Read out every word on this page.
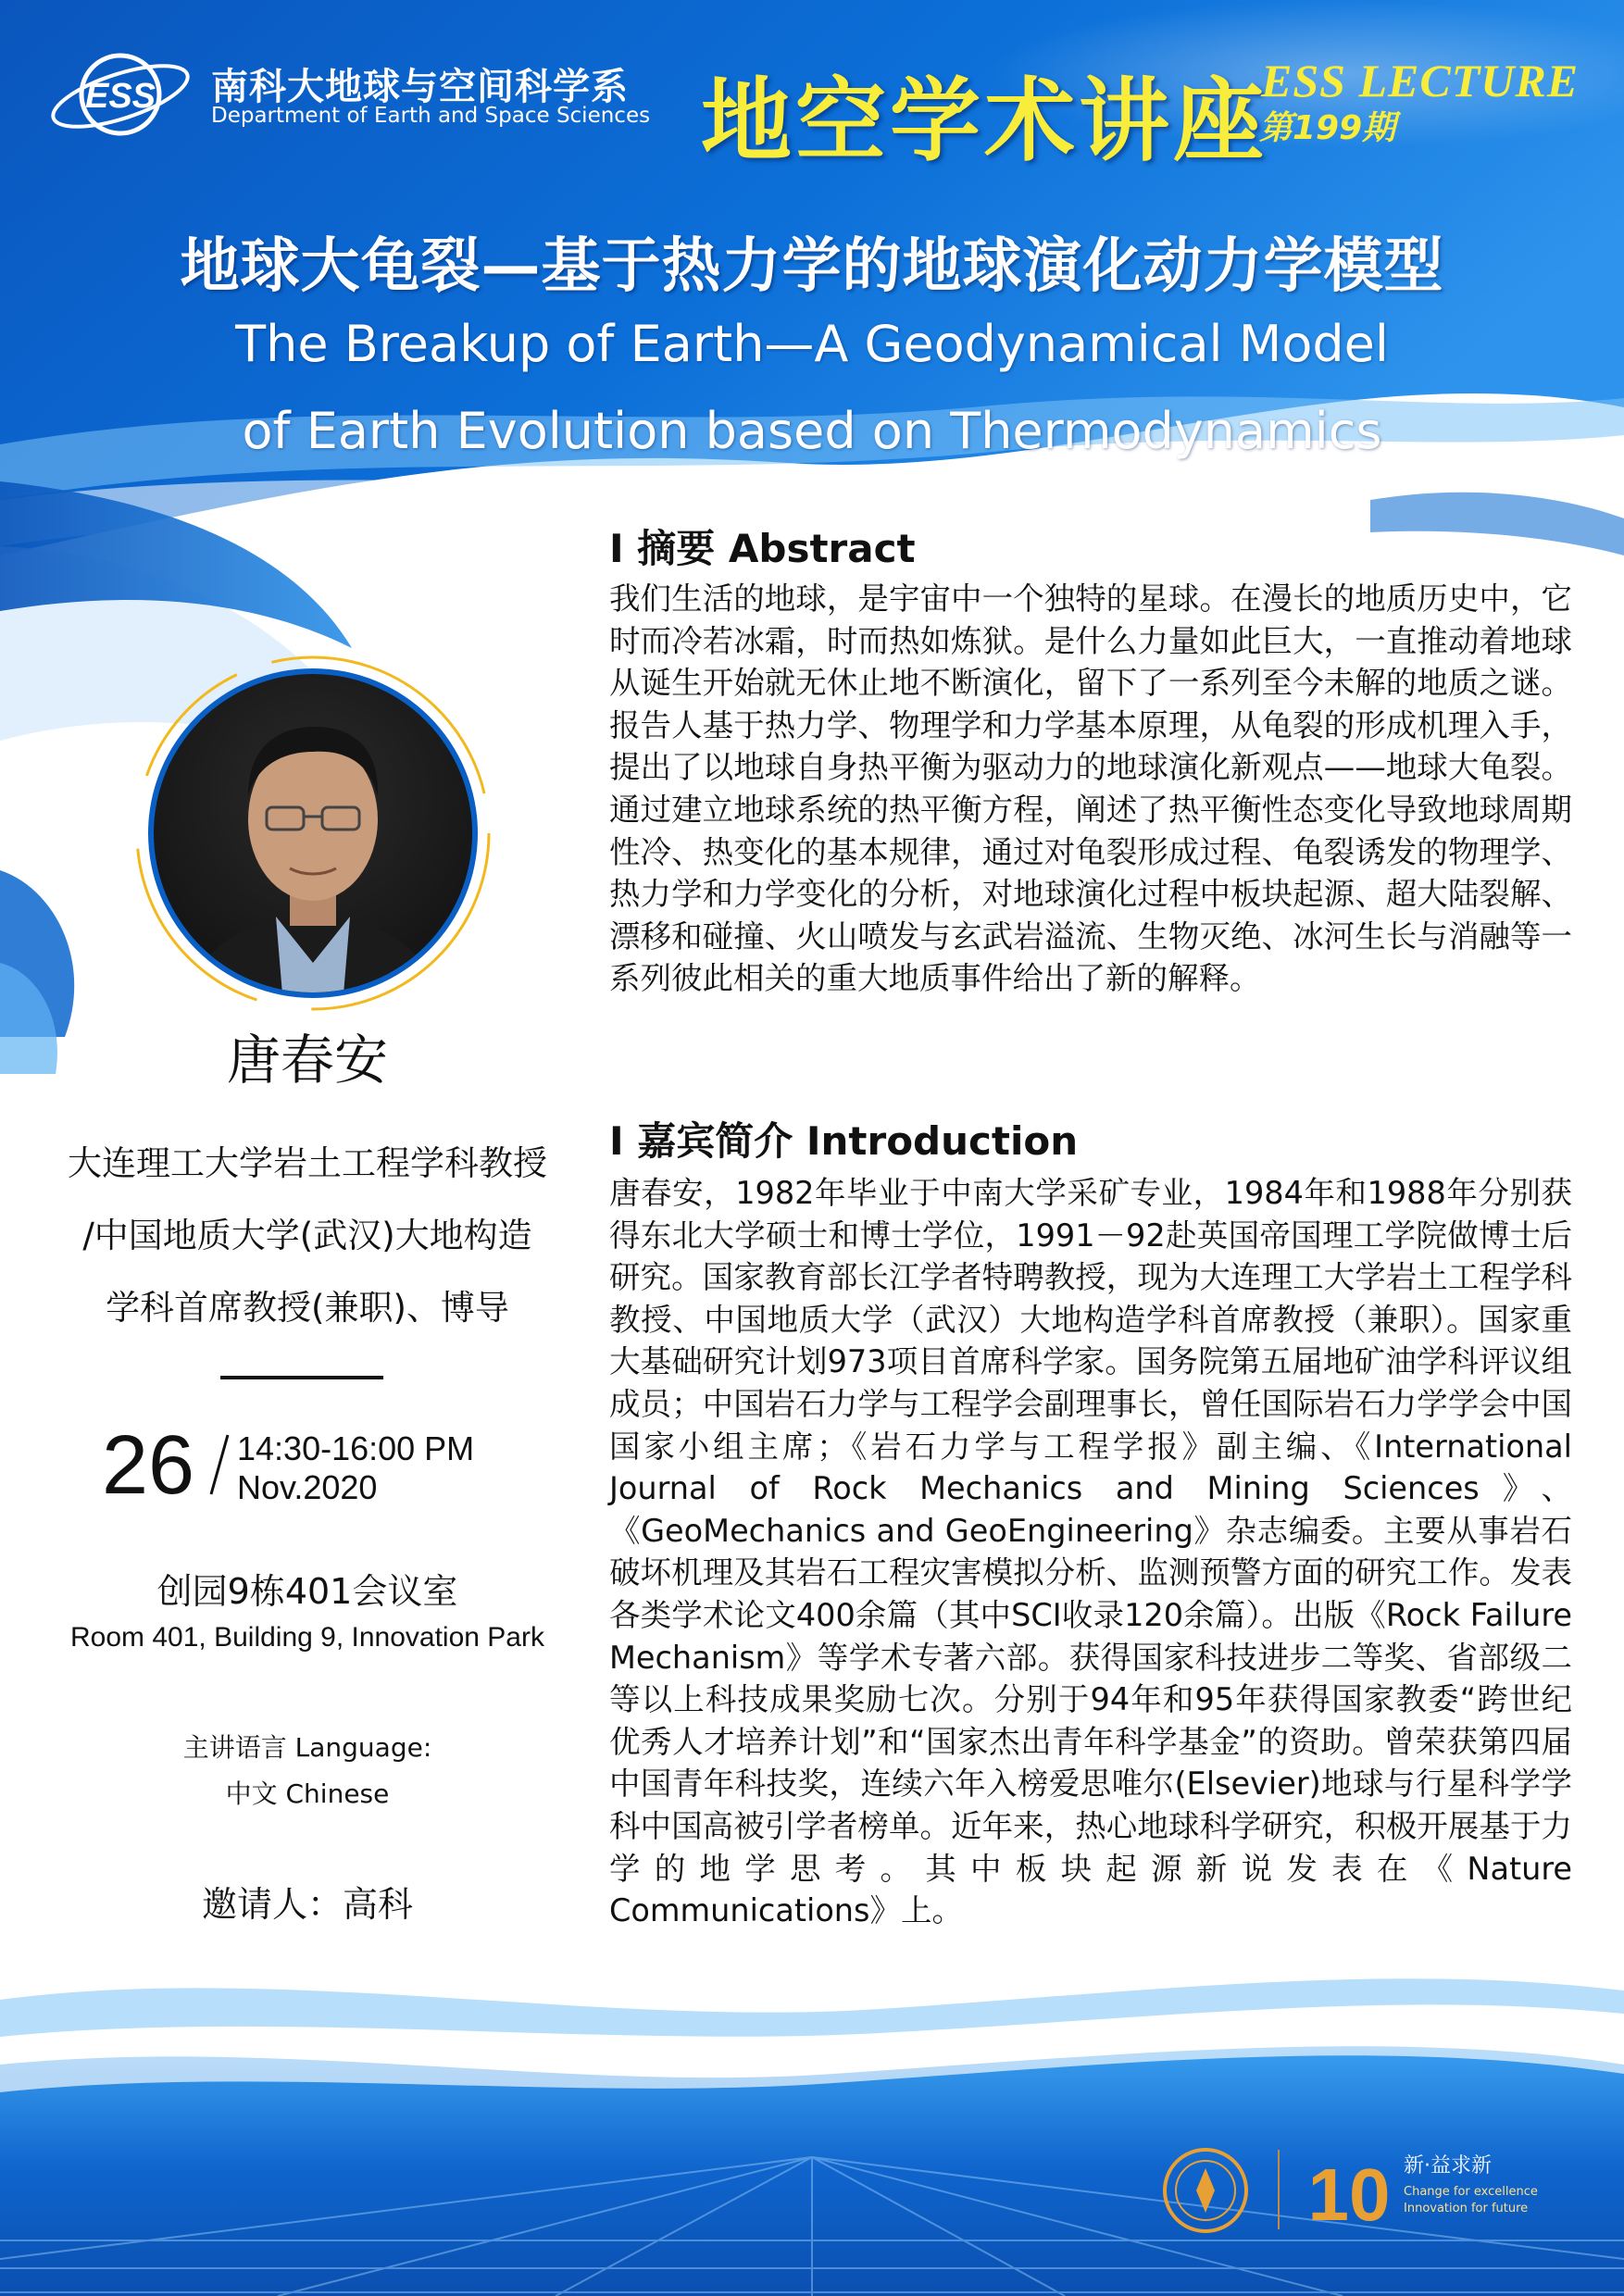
ESS 南科大地球与空间科学系
Department of Earth and Space Sciences 地空学术讲座
ESS LECTURE
第199期
地球大龟裂—基于热力学的地球演化动力学模型
The Breakup of Earth—A Geodynamical Model
of Earth Evolution based on Thermodynamics
唐春安
大连理工大学岩土工程学科教授
/中国地质大学(武汉)大地构造
学科首席教授(兼职)、博导
26 14:30-16:00 PM
Nov.2020
创园9栋401会议室
Room 401, Building 9, Innovation Park
主讲语言 Language:
中文 Chinese
邀请人：高科
I 摘要 Abstract
我们生活的地球，是宇宙中一个独特的星球。在漫长的地质历史中，它时而冷若冰霜，时而热如炼狱。是什么力量如此巨大，一直推动着地球从诞生开始就无休止地不断演化，留下了一系列至今未解的地质之谜。报告人基于热力学、物理学和力学基本原理，从龟裂的形成机理入手，提出了以地球自身热平衡为驱动力的地球演化新观点——地球大龟裂。通过建立地球系统的热平衡方程，阐述了热平衡性态变化导致地球周期性冷、热变化的基本规律，通过对龟裂形成过程、龟裂诱发的物理学、热力学和力学变化的分析，对地球演化过程中板块起源、超大陆裂解、漂移和碰撞、火山喷发与玄武岩溢流、生物灭绝、冰河生长与消融等一系列彼此相关的重大地质事件给出了新的解释。
I 嘉宾简介 Introduction
唐春安，1982年毕业于中南大学采矿专业，1984年和1988年分别获得东北大学硕士和博士学位，1991－92赴英国帝国理工学院做博士后研究。国家教育部长江学者特聘教授，现为大连理工大学岩土工程学科教授、中国地质大学（武汉）大地构造学科首席教授（兼职）。国家重大基础研究计划973项目首席科学家。国务院第五届地矿油学科评议组成员；中国岩石力学与工程学会副理事长，曾任国际岩石力学学会中国国家小组主席；《岩石力学与工程学报》副主编、《International Journal of Rock Mechanics and Mining Sciences》、《GeoMechanics and GeoEngineering》杂志编委。主要从事岩石破坏机理及其岩石工程灾害模拟分析、监测预警方面的研究工作。发表各类学术论文400余篇（其中SCI收录120余篇）。出版《Rock Failure Mechanism》等学术专著六部。获得国家科技进步二等奖、省部级二等以上科技成果奖励七次。分别于94年和95年获得国家教委“跨世纪优秀人才培养计划”和“国家杰出青年科学基金”的资助。曾荣获第四届中国青年科技奖，连续六年入榜爱思唯尔(Elsevier)地球与行星科学学科中国高被引学者榜单。近年来，热心地球科学研究，积极开展基于力学的地学思考。其中板块起源新说发表在《Nature Communications》上。
10 新·益求新
Change for excellence
Innovation for future
